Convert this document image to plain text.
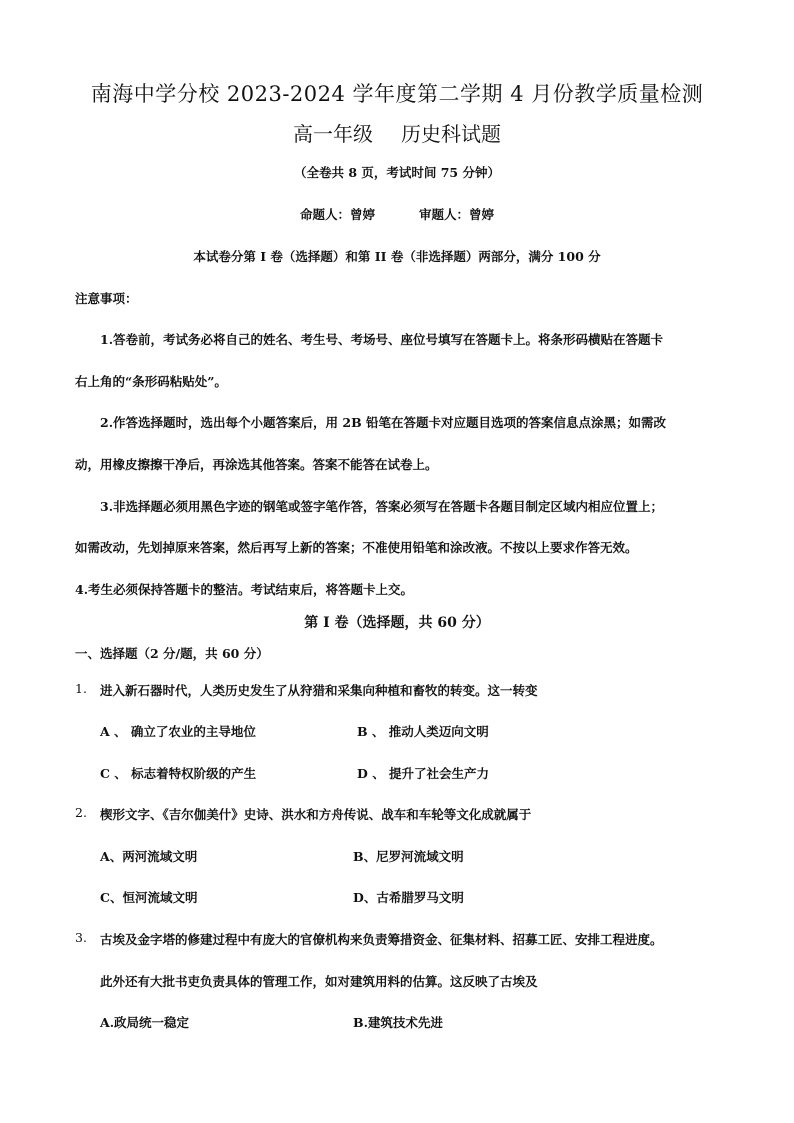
南海中学分校 2023-2024 学年度第二学期 4 月份教学质量检测
高一年级 历史科试题
（全卷共 8 页，考试时间 75 分钟）
命题人：曾婷	审题人：曾婷
本试卷分第 I 卷（选择题）和第 II 卷（非选择题）两部分，满分 100 分
注意事项：
1.答卷前，考试务必将自己的姓名、考生号、考场号、座位号填写在答题卡上。将条形码横贴在答题卡
右上角的“条形码粘贴处”。
2.作答选择题时，选出每个小题答案后，用 2B 铅笔在答题卡对应题目选项的答案信息点涂黑；如需改
动，用橡皮擦擦干净后，再涂选其他答案。答案不能答在试卷上。
3.非选择题必须用黑色字迹的钢笔或签字笔作答，答案必须写在答题卡各题目制定区域内相应位置上；
如需改动，先划掉原来答案，然后再写上新的答案；不准使用铅笔和涂改液。不按以上要求作答无效。
4.考生必须保持答题卡的整洁。考试结束后，将答题卡上交。
第 I 卷（选择题，共 60 分）
一、选择题（2 分/题，共 60 分）
1. 进入新石器时代，人类历史发生了从狩猎和采集向种植和畜牧的转变。这一转变
A 、 确立了农业的主导地位	B 、 推动人类迈向文明
C 、 标志着特权阶级的产生	D 、 提升了社会生产力
2. 楔形文字、《吉尔伽美什》史诗、洪水和方舟传说、战车和车轮等文化成就属于
A、两河流域文明	B、尼罗河流域文明
C、恒河流域文明	D、古希腊罗马文明
3. 古埃及金字塔的修建过程中有庞大的官僚机构来负责筹措资金、征集材料、招募工匠、安排工程进度。
此外还有大批书吏负责具体的管理工作，如对建筑用料的估算。这反映了古埃及
A.政局统一稳定	B.建筑技术先进
